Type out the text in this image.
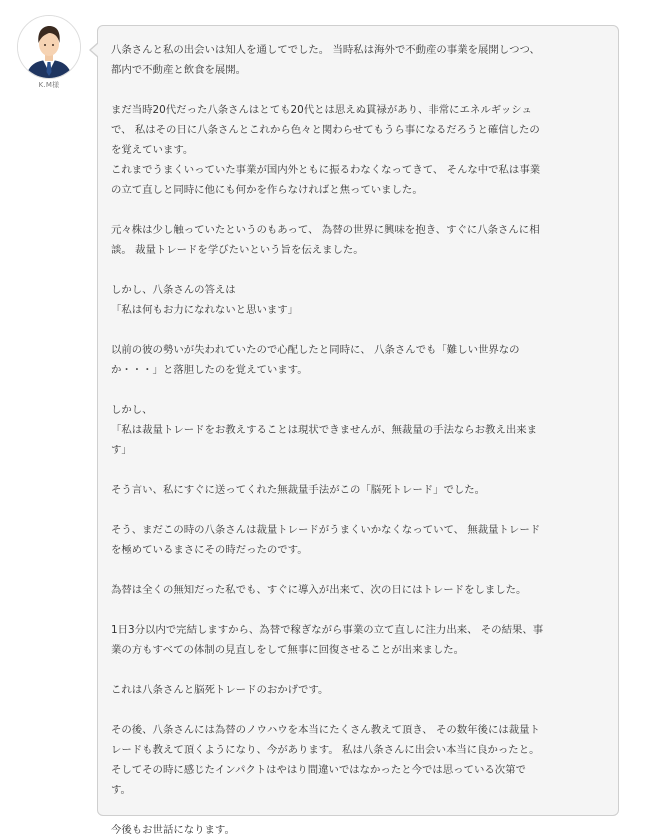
K.M様

八条さんと私の出会いは知人を通してでした。 当時私は海外で不動産の事業を展開しつつ、
都内で不動産と飲食を展開。

まだ当時20代だった八条さんはとても20代とは思えぬ貫禄があり、非常にエネルギッシュ
で、 私はその日に八条さんとこれから色々と関わらせてもうら事になるだろうと確信したの
を覚えています。
これまでうまくいっていた事業が国内外ともに振るわなくなってきて、 そんな中で私は事業
の立て直しと同時に他にも何かを作らなければと焦っていました。

元々株は少し触っていたというのもあって、 為替の世界に興味を抱き、すぐに八条さんに相
談。 裁量トレードを学びたいという旨を伝えました。

しかし、八条さんの答えは
「私は何もお力になれないと思います」

以前の彼の勢いが失われていたので心配したと同時に、 八条さんでも「難しい世界なの
か・・・」と落胆したのを覚えています。

しかし、
「私は裁量トレードをお教えすることは現状できませんが、無裁量の手法ならお教え出来ま
す」

そう言い、私にすぐに送ってくれた無裁量手法がこの「脳死トレード」でした。

そう、まだこの時の八条さんは裁量トレードがうまくいかなくなっていて、 無裁量トレード
を極めているまさにその時だったのです。

為替は全くの無知だった私でも、すぐに導入が出来て、次の日にはトレードをしました。

1日3分以内で完結しますから、為替で稼ぎながら事業の立て直しに注力出来、 その結果、事
業の方もすべての体制の見直しをして無事に回復させることが出来ました。

これは八条さんと脳死トレードのおかげです。

その後、八条さんには為替のノウハウを本当にたくさん教えて頂き、 その数年後には裁量ト
レードも教えて頂くようになり、今があります。 私は八条さんに出会い本当に良かったと。
そしてその時に感じたインパクトはやはり間違いではなかったと今では思っている次第で
す。

今後もお世話になります。
